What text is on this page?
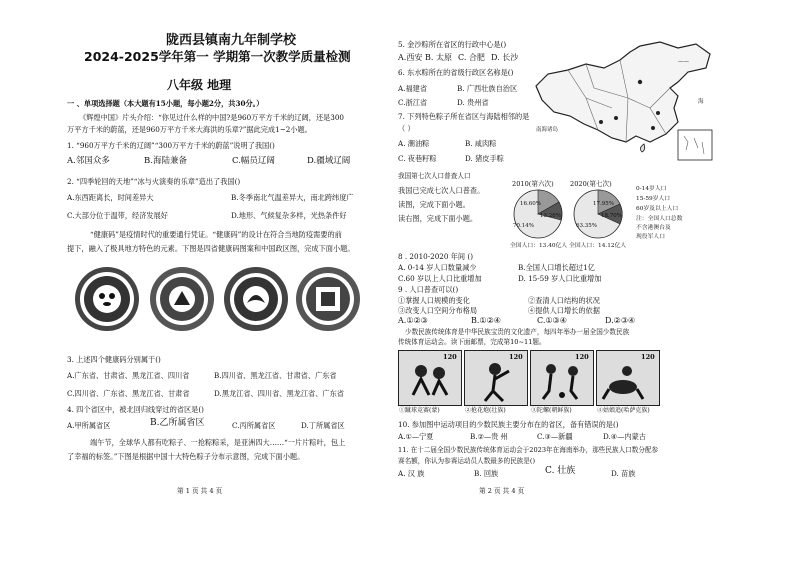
陇西县镇南九年制学校
2024-2025学年第一 学期第一次教学质量检测
八年级 地理
一 、单项选择题（本大题有15小题，每小题2分，共30分。）
《辉煌中国》片头介绍：“你见过什么样的中国?是960万平方千米的辽阔，还是300
万平方千米的蔚蓝，还是960万平方千米大海洪的乐章?”据此完成1~2小题。
1. “960万平方千米的辽阔”“300万平方千米的蔚蓝”说明了我国()
A.邻国众多	B.海陆兼备	C.幅员辽阔	D.疆域辽阔
2. “四季轮回的天地”“冰与火演奏的乐章”造出了我国()
A.东西距离长，时间差异大	B.冬季南北气温差异大，南北跨纬度广
C.大部分位于温带，经济发展好	D.地形、气候复杂多样，光热条件好
“健康码”是疫情时代的重要通行凭证。“健康码”的设计在符合当地防疫需要的前
提下，融入了极具地方特色的元素。下图是四省健康码图案和中国政区图，完成下面小题。
3. 上述四个健康码分别属于()
A.广东省、甘肃省、黑龙江省、四川省	B.四川省、黑龙江省、甘肃省、广东省
C.四川省、广东省、黑龙江省、甘肃省	D.黑龙江省、四川省、黑龙江省、广东省
4. 四个省区中，被北回归线穿过的省区是()
A.甲所属省区	B.乙所属省区	C.丙所属省区	D.丁所属省区
端午节，全球华人都有吃粽子、一抢粽粽采，是亚洲四大……“一片片粽叶，包上
了幸福的标签。”下图是根据中国十大特色粽子分布示意图，完成下面小题。
第 1 页 共 4 页
5. 金沙粽所在省区的行政中心是()
A.西安 B. 太原 C. 合肥 D. 长沙
6. 东水粽所在的省级行政区名称是()
A.福建省	B. 广西壮族自治区
C.浙江省	D. 贵州省
7. 下列特色粽子所在省区与海陆相邻的是
（ ）
A. 潮油粽	B. 咸肉粽
C. 夜巷籽粽	D. 猪皮手粽
南海诸岛
——
海
我国第七次人口普查人口
我国已完成七次人口普查。
读图，完成下面小题。
读右图，完成下面小题。
2010(第六次) 2020(第七次)
16.60%
70.14%
13.26%
17.95%
63.35%
18.70%
0-14岁人口
15-59岁人口
60岁及以上人口
注：全国人口总数
不含港澳台及
现役军人口
全国人口：13.40亿人 全国人口：14.12亿人
8 . 2010-2020 年间 ()
A. 0-14 岁人口数量减少	B.全国人口增长超过1亿
C.60 岁以上人口比重增加	D. 15-59 岁人口比重增加
9 . 人口普查可以()
①掌握人口规模的变化	②查清人口结构的状况
③改变人口空间分布格局	④提供人口增长的依据
A.①②③	B.①②④	C.①③④	D.②③④
少数民族传统体育是中华民族宝贵的文化遗产，每四年举办一届全国少数民族
传统体育运动会。读下面邮票，完成第10~11题。
120	120	120	120
①蹴球竞赛(蒙)	②抢花炮(壮族)	③陀螺(朝鲜族)	④姑娘追(哈萨克族)
10. 参加图中运动项目的少数民族主要分布在的省区，备有错误的是()
A.①—宁夏	B.②—贵 州	C.③—新疆	D.④—内蒙古
11. 在十二届全国少数民族传统体育运动会于2023年在海南举办，那些民族人口数分配参
赛名额，你认为参赛运动员人数最多的民族是()
A. 汉 族	B. 回族	C. 壮族	D. 苗族
第 2 页 共 4 页
